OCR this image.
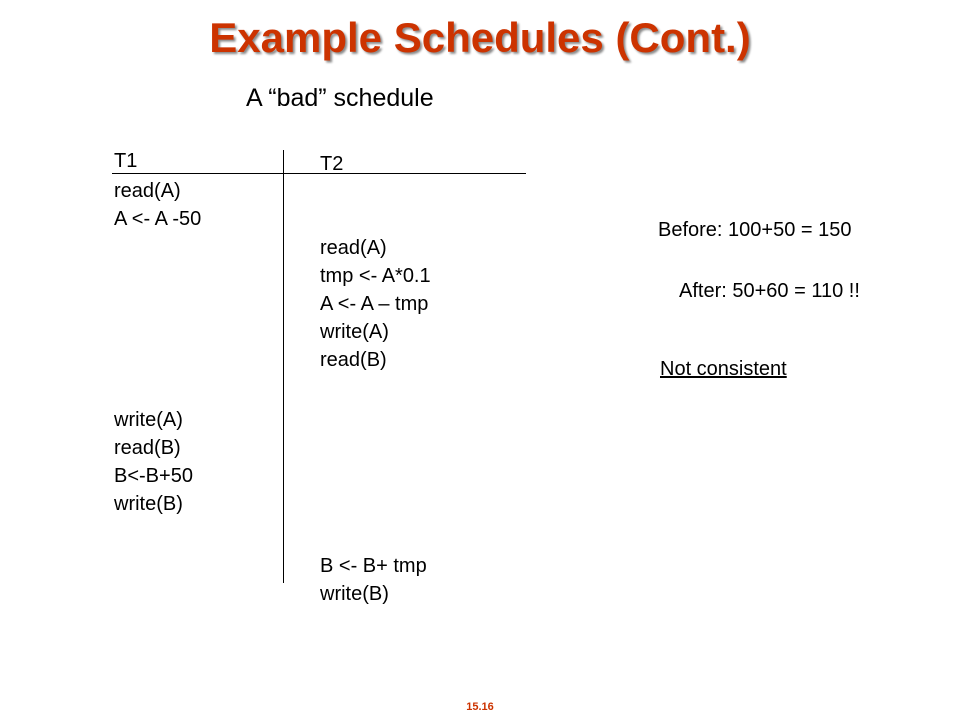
Example Schedules (Cont.)
A “bad” schedule
T1	T2
read(A)
A <- A -50
write(A)
read(B)
B<-B+50
write(B)
read(A)
tmp <- A*0.1
A <- A – tmp
write(A)
read(B)
B <- B+ tmp
write(B)
Before: 100+50 = 150
After: 50+60 = 110 !!
Not consistent
15.16
